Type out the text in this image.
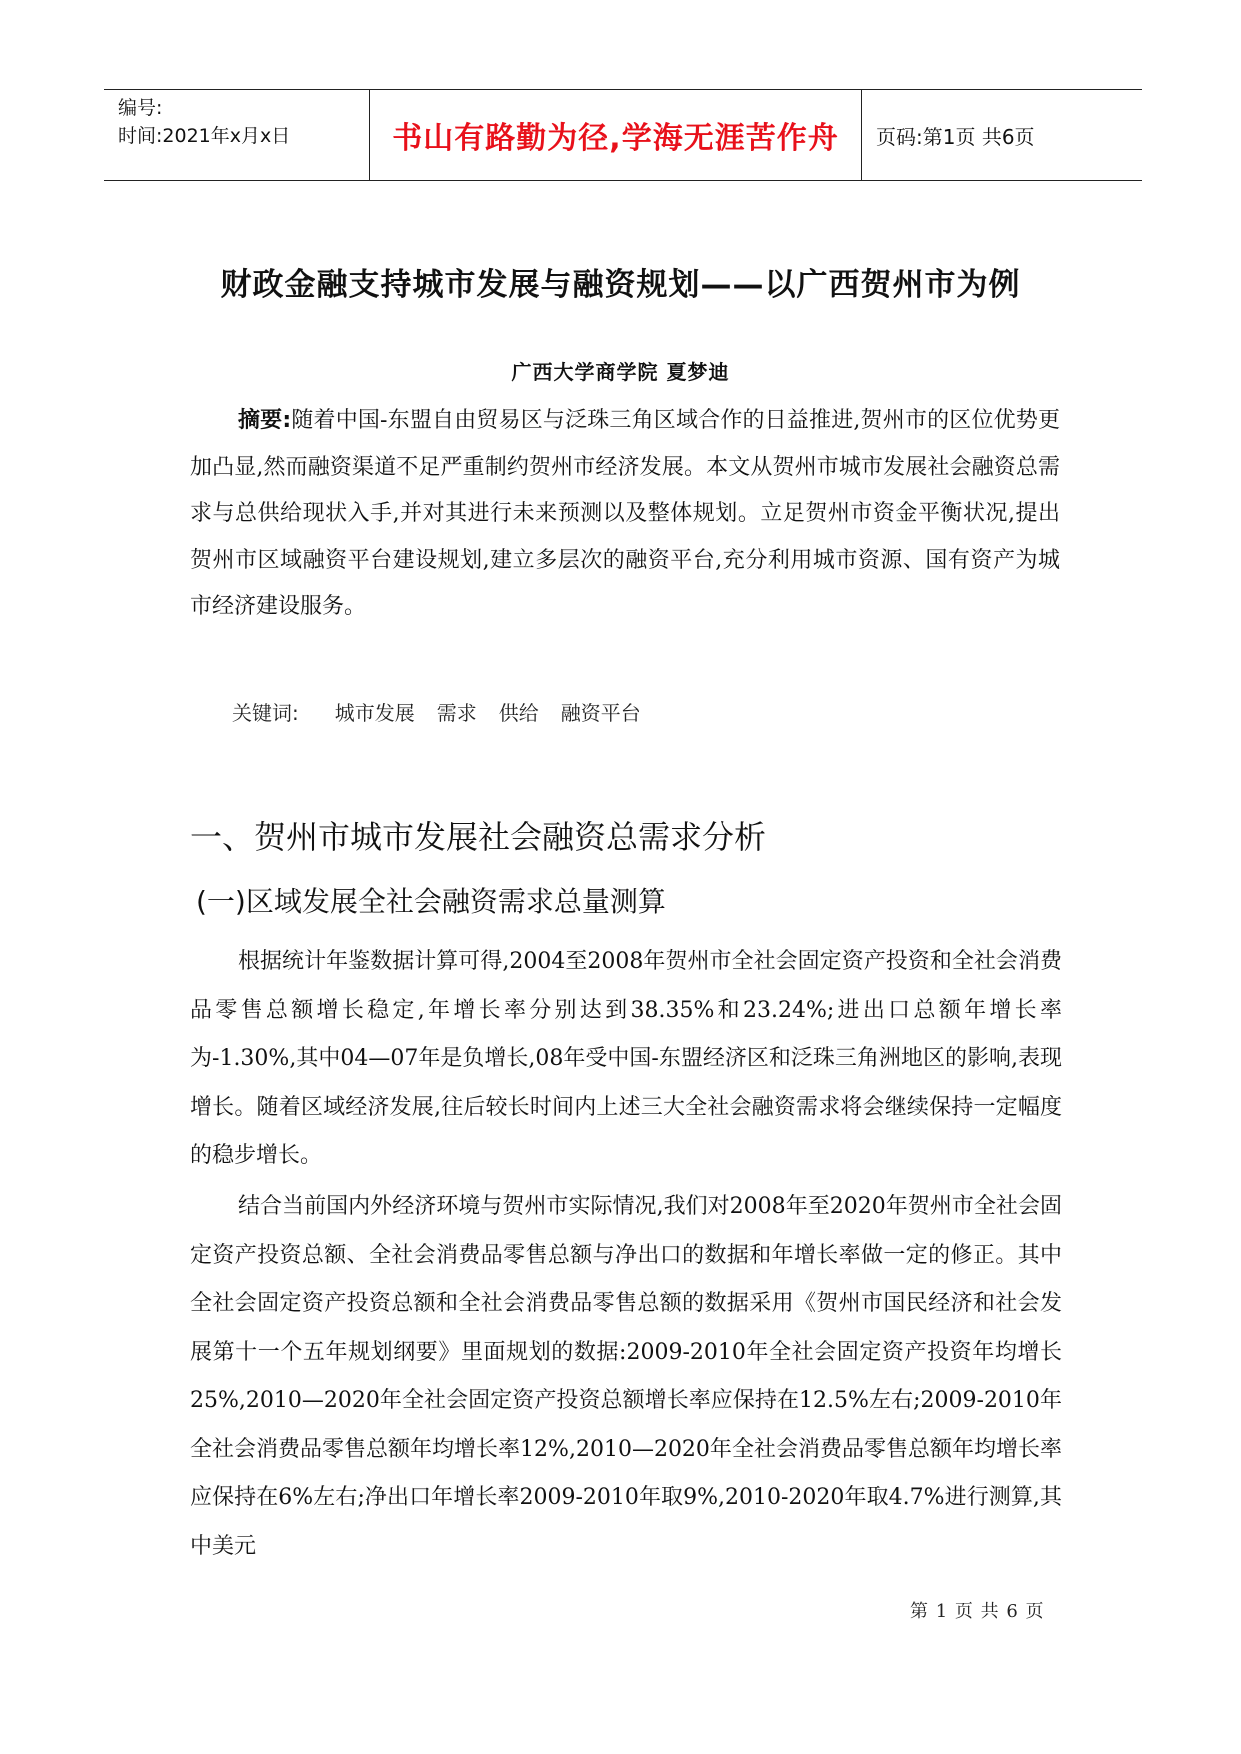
编号:
时间:2021年x月x日	书山有路勤为径,学海无涯苦作舟 页码:第1页 共6页
财政金融支持城市发展与融资规划——以广西贺州市为例
广西大学商学院 夏梦迪
摘要:随着中国-东盟自由贸易区与泛珠三角区域合作的日益推进,贺州市的区位优势更加凸显,然而融资渠道不足严重制约贺州市经济发展。本文从贺州市城市发展社会融资总需求与总供给现状入手,并对其进行未来预测以及整体规划。立足贺州市资金平衡状况,提出贺州市区域融资平台建设规划,建立多层次的融资平台,充分利用城市资源、国有资产为城市经济建设服务。
关键词: 城市发展 需求 供给 融资平台
一、贺州市城市发展社会融资总需求分析
(一)区域发展全社会融资需求总量测算

根据统计年鉴数据计算可得,2004至2008年贺州市全社会固定资产投资和全社会消费品零售总额增长稳定,年增长率分别达到38.35%和23.24%;进出口总额年增长率为-1.30%,其中04—07年是负增长,08年受中国-东盟经济区和泛珠三角洲地区的影响,表现增长。随着区域经济发展,往后较长时间内上述三大全社会融资需求将会继续保持一定幅度的稳步增长。

结合当前国内外经济环境与贺州市实际情况,我们对2008年至2020年贺州市全社会固定资产投资总额、全社会消费品零售总额与净出口的数据和年增长率做一定的修正。其中全社会固定资产投资总额和全社会消费品零售总额的数据采用《贺州市国民经济和社会发展第十一个五年规划纲要》里面规划的数据:2009-2010年全社会固定资产投资年均增长25%,2010—2020年全社会固定资产投资总额增长率应保持在12.5%左右;2009-2010年全社会消费品零售总额年均增长率12%,2010—2020年全社会消费品零售总额年均增长率应保持在6%左右;净出口年增长率2009-2010年取9%,2010-2020年取4.7%进行测算,其中美元

第 1 页 共 6 页
